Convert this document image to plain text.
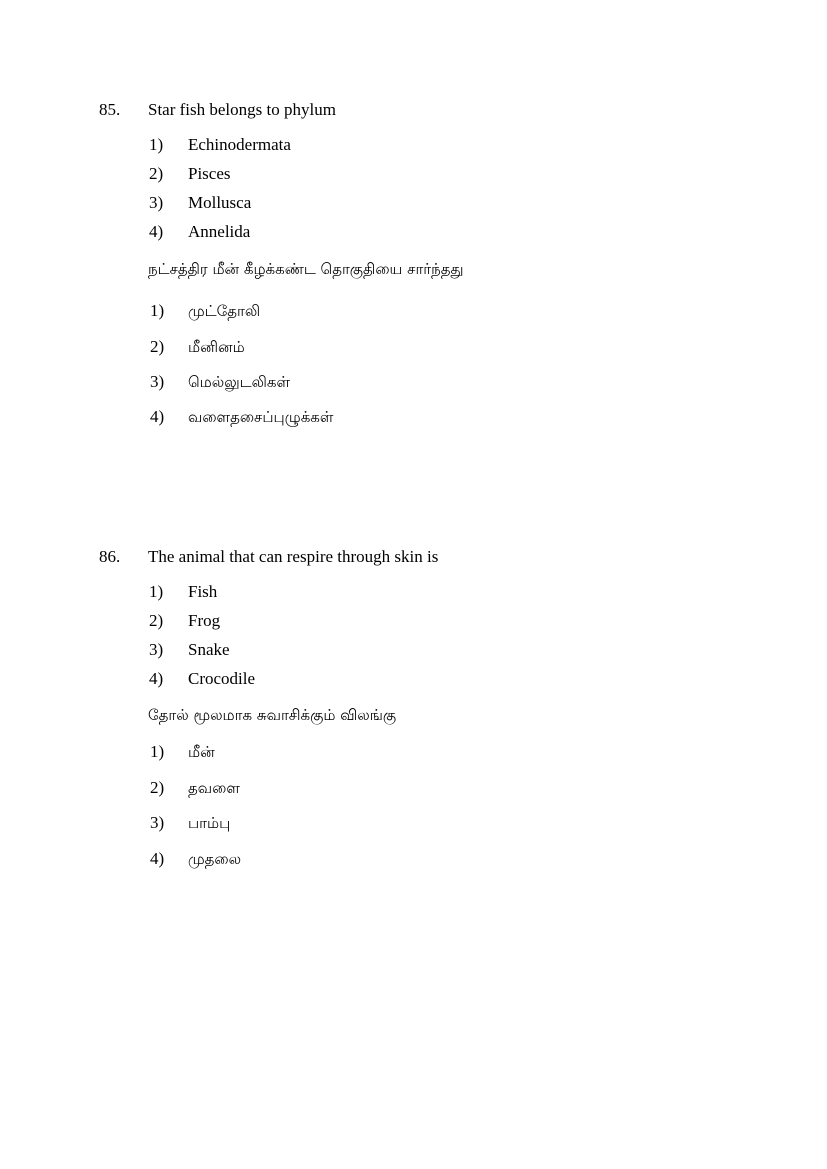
85. Star fish belongs to phylum
1) Echinodermata
2) Pisces
3) Mollusca
4) Annelida
நட்சத்திர மீன் கீழக்கண்ட தொகுதியை சார்ந்தது
1) முட்தோலி
2) மீனினம்
3) மெல்லுடலிகள்
4) வளைதசைப்புழுக்கள்
86. The animal that can respire through skin is
1) Fish
2) Frog
3) Snake
4) Crocodile
தோல் மூலமாக சுவாசிக்கும் விலங்கு
1) மீன்
2) தவளை
3) பாம்பு
4) முதலை
